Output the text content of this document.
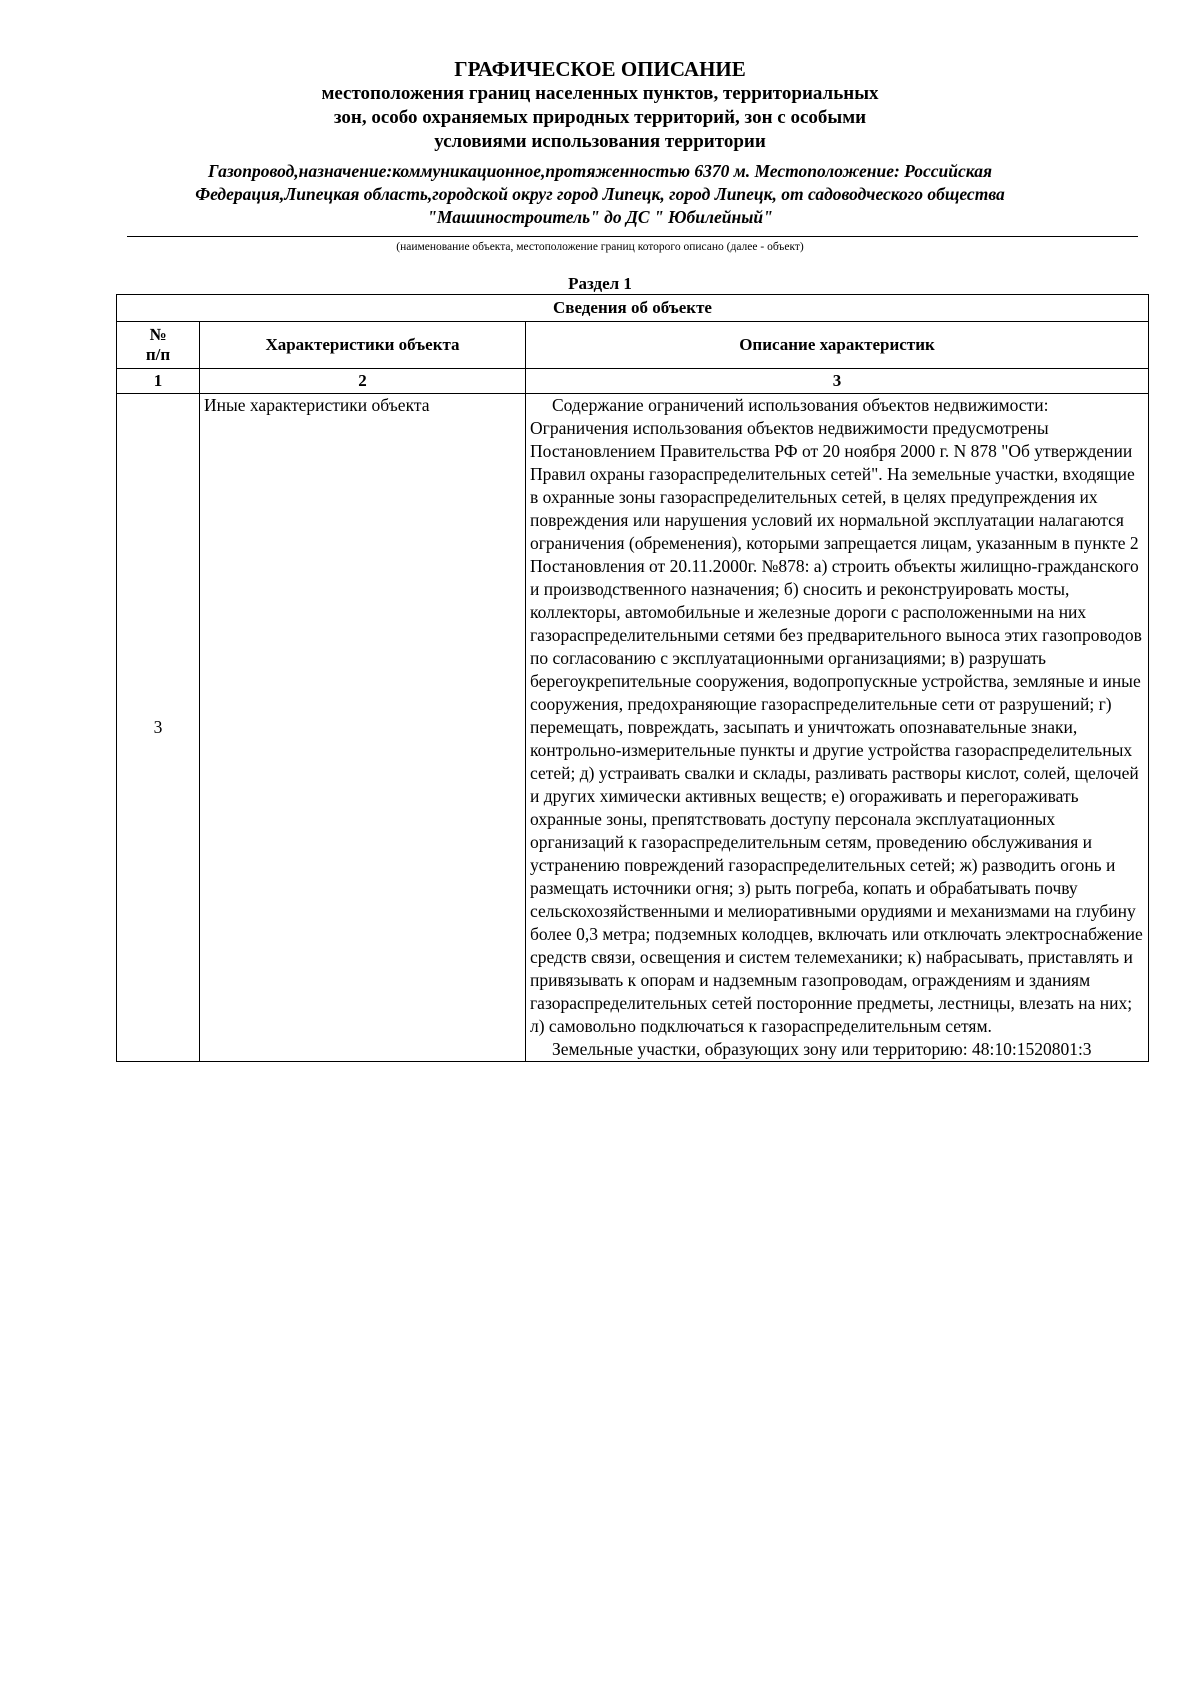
ГРАФИЧЕСКОЕ ОПИСАНИЕ
местоположения границ населенных пунктов, территориальных
зон, особо охраняемых природных территорий, зон с особыми
условиями использования территории
Газопровод,назначение:коммуникационное,протяженностью 6370 м. Местоположение: Российская
Федерация,Липецкая область,городской округ город Липецк, город Липецк, от садоводческого общества
"Машиностроитель" до ДС " Юбилейный"
(наименование объекта, местоположение границ которого описано (далее - объект)
Раздел 1
Сведения об объекте		

№
п/п	Характеристики объекта	Описание характеристик
1	2	3
3	Иные характеристики объекта	Содержание ограничений использования объектов недвижимости: Ограничения использования объектов недвижимости предусмотрены Постановлением Правительства РФ от 20 ноября 2000 г. N 878 "Об утверждении Правил охраны газораспределительных сетей". На земельные участки, входящие в охранные зоны газораспределительных сетей, в целях предупреждения их повреждения или нарушения условий их нормальной эксплуатации налагаются ограничения (обременения), которыми запрещается лицам, указанным в пункте 2 Постановления от 20.11.2000г. №878: а) строить объекты жилищно-гражданского и производственного назначения; б) сносить и реконструировать мосты, коллекторы, автомобильные и железные дороги с расположенными на них газораспределительными сетями без предварительного выноса этих газопроводов по согласованию с эксплуатационными организациями; в) разрушать берегоукрепительные сооружения, водопропускные устройства, земляные и иные сооружения, предохраняющие газораспределительные сети от разрушений; г) перемещать, повреждать, засыпать и уничтожать опознавательные знаки, контрольно-измерительные пункты и другие устройства газораспределительных сетей; д) устраивать свалки и склады, разливать растворы кислот, солей, щелочей и других химически активных веществ; е) огораживать и перегораживать охранные зоны, препятствовать доступу персонала эксплуатационных организаций к газораспределительным сетям, проведению обслуживания и устранению повреждений газораспределительных сетей; ж) разводить огонь и размещать источники огня; з) рыть погреба, копать и обрабатывать почву сельскохозяйственными и мелиоративными орудиями и механизмами на глубину более 0,3 метра; подземных колодцев, включать или отключать электроснабжение средств связи, освещения и систем телемеханики; к) набрасывать, приставлять и привязывать к опорам и надземным газопроводам, ограждениям и зданиям газораспределительных сетей посторонние предметы, лестницы, влезать на них; л) самовольно подключаться к газораспределительным сетям.

Земельные участки, образующих зону или территорию: 48:10:1520801:3
